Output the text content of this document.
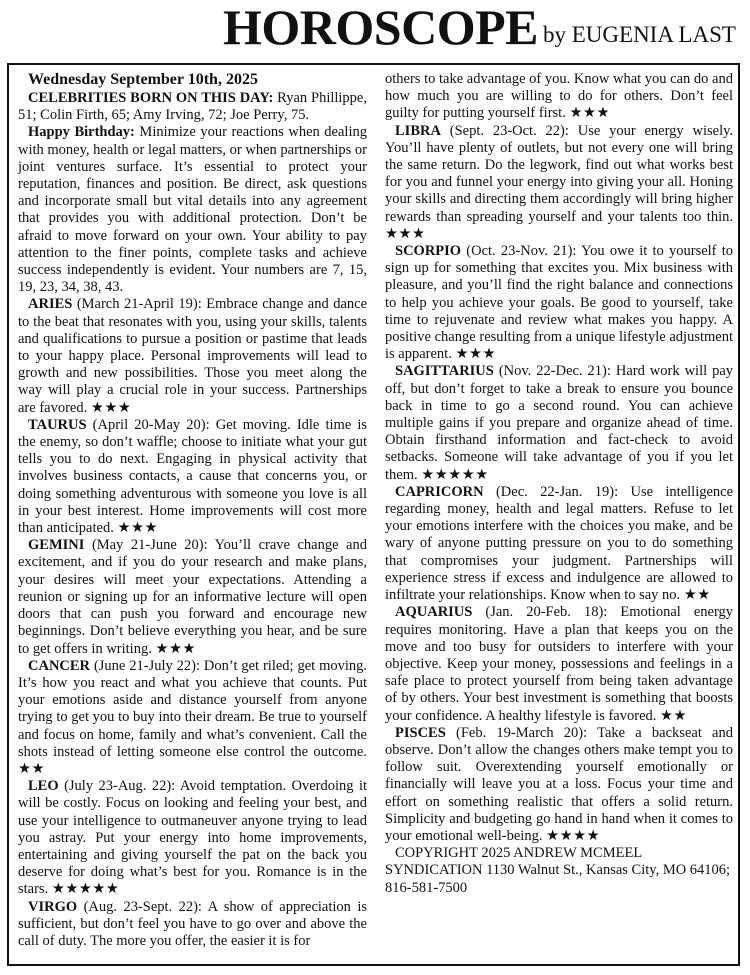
HOROSCOPE by EUGENIA LAST
Wednesday September 10th, 2025

CELEBRITIES BORN ON THIS DAY: Ryan Phillippe, 51; Colin Firth, 65; Amy Irving, 72; Joe Perry, 75.

Happy Birthday: Minimize your reactions when dealing with money, health or legal matters, or when partnerships or joint ventures surface. It’s essential to protect your reputation, finances and position. Be direct, ask questions and incorporate small but vital details into any agreement that provides you with additional protection. Don’t be afraid to move forward on your own. Your ability to pay attention to the finer points, complete tasks and achieve success independently is evident. Your numbers are 7, 15, 19, 23, 34, 38, 43.

ARIES (March 21-April 19): Embrace change and dance to the beat that resonates with you, using your skills, talents and qualifications to pursue a position or pastime that leads to your happy place. Personal improvements will lead to growth and new possibilities. Those you meet along the way will play a crucial role in your success. Partnerships are favored. ★★★

TAURUS (April 20-May 20): Get moving. Idle time is the enemy, so don’t waffle; choose to initiate what your gut tells you to do next. Engaging in physical activity that involves business contacts, a cause that concerns you, or doing something adventurous with someone you love is all in your best interest. Home improvements will cost more than anticipated. ★★★

GEMINI (May 21-June 20): You’ll crave change and excitement, and if you do your research and make plans, your desires will meet your expectations. Attending a reunion or signing up for an informative lecture will open doors that can push you forward and encourage new beginnings. Don’t believe everything you hear, and be sure to get offers in writing. ★★★

CANCER (June 21-July 22): Don’t get riled; get moving. It’s how you react and what you achieve that counts. Put your emotions aside and distance yourself from anyone trying to get you to buy into their dream. Be true to yourself and focus on home, family and what’s convenient. Call the shots instead of letting someone else control the outcome. ★★

LEO (July 23-Aug. 22): Avoid temptation. Overdoing it will be costly. Focus on looking and feeling your best, and use your intelligence to outmaneuver anyone trying to lead you astray. Put your energy into home improvements, entertaining and giving yourself the pat on the back you deserve for doing what’s best for you. Romance is in the stars. ★★★★★

VIRGO (Aug. 23-Sept. 22): A show of appreciation is sufficient, but don’t feel you have to go over and above the call of duty. The more you offer, the easier it is for

others to take advantage of you. Know what you can do and how much you are willing to do for others. Don’t feel guilty for putting yourself first. ★★★

LIBRA (Sept. 23-Oct. 22): Use your energy wisely. You’ll have plenty of outlets, but not every one will bring the same return. Do the legwork, find out what works best for you and funnel your energy into giving your all. Honing your skills and directing them accordingly will bring higher rewards than spreading yourself and your talents too thin. ★★★

SCORPIO (Oct. 23-Nov. 21): You owe it to yourself to sign up for something that excites you. Mix business with pleasure, and you’ll find the right balance and connections to help you achieve your goals. Be good to yourself, take time to rejuvenate and review what makes you happy. A positive change resulting from a unique lifestyle adjustment is apparent. ★★★

SAGITTARIUS (Nov. 22-Dec. 21): Hard work will pay off, but don’t forget to take a break to ensure you bounce back in time to go a second round. You can achieve multiple gains if you prepare and organize ahead of time. Obtain firsthand information and fact-check to avoid setbacks. Someone will take advantage of you if you let them. ★★★★★

CAPRICORN (Dec. 22-Jan. 19): Use intelligence regarding money, health and legal matters. Refuse to let your emotions interfere with the choices you make, and be wary of anyone putting pressure on you to do something that compromises your judgment. Partnerships will experience stress if excess and indulgence are allowed to infiltrate your relationships. Know when to say no. ★★

AQUARIUS (Jan. 20-Feb. 18): Emotional energy requires monitoring. Have a plan that keeps you on the move and too busy for outsiders to interfere with your objective. Keep your money, possessions and feelings in a safe place to protect yourself from being taken advantage of by others. Your best investment is something that boosts your confidence. A healthy lifestyle is favored. ★★

PISCES (Feb. 19-March 20): Take a backseat and observe. Don’t allow the changes others make tempt you to follow suit. Overextending yourself emotionally or financially will leave you at a loss. Focus your time and effort on something realistic that offers a solid return. Simplicity and budgeting go hand in hand when it comes to your emotional well-being. ★★★★

COPYRIGHT 2025 ANDREW MCMEEL SYNDICATION 1130 Walnut St., Kansas City, MO 64106; 816-581-7500
